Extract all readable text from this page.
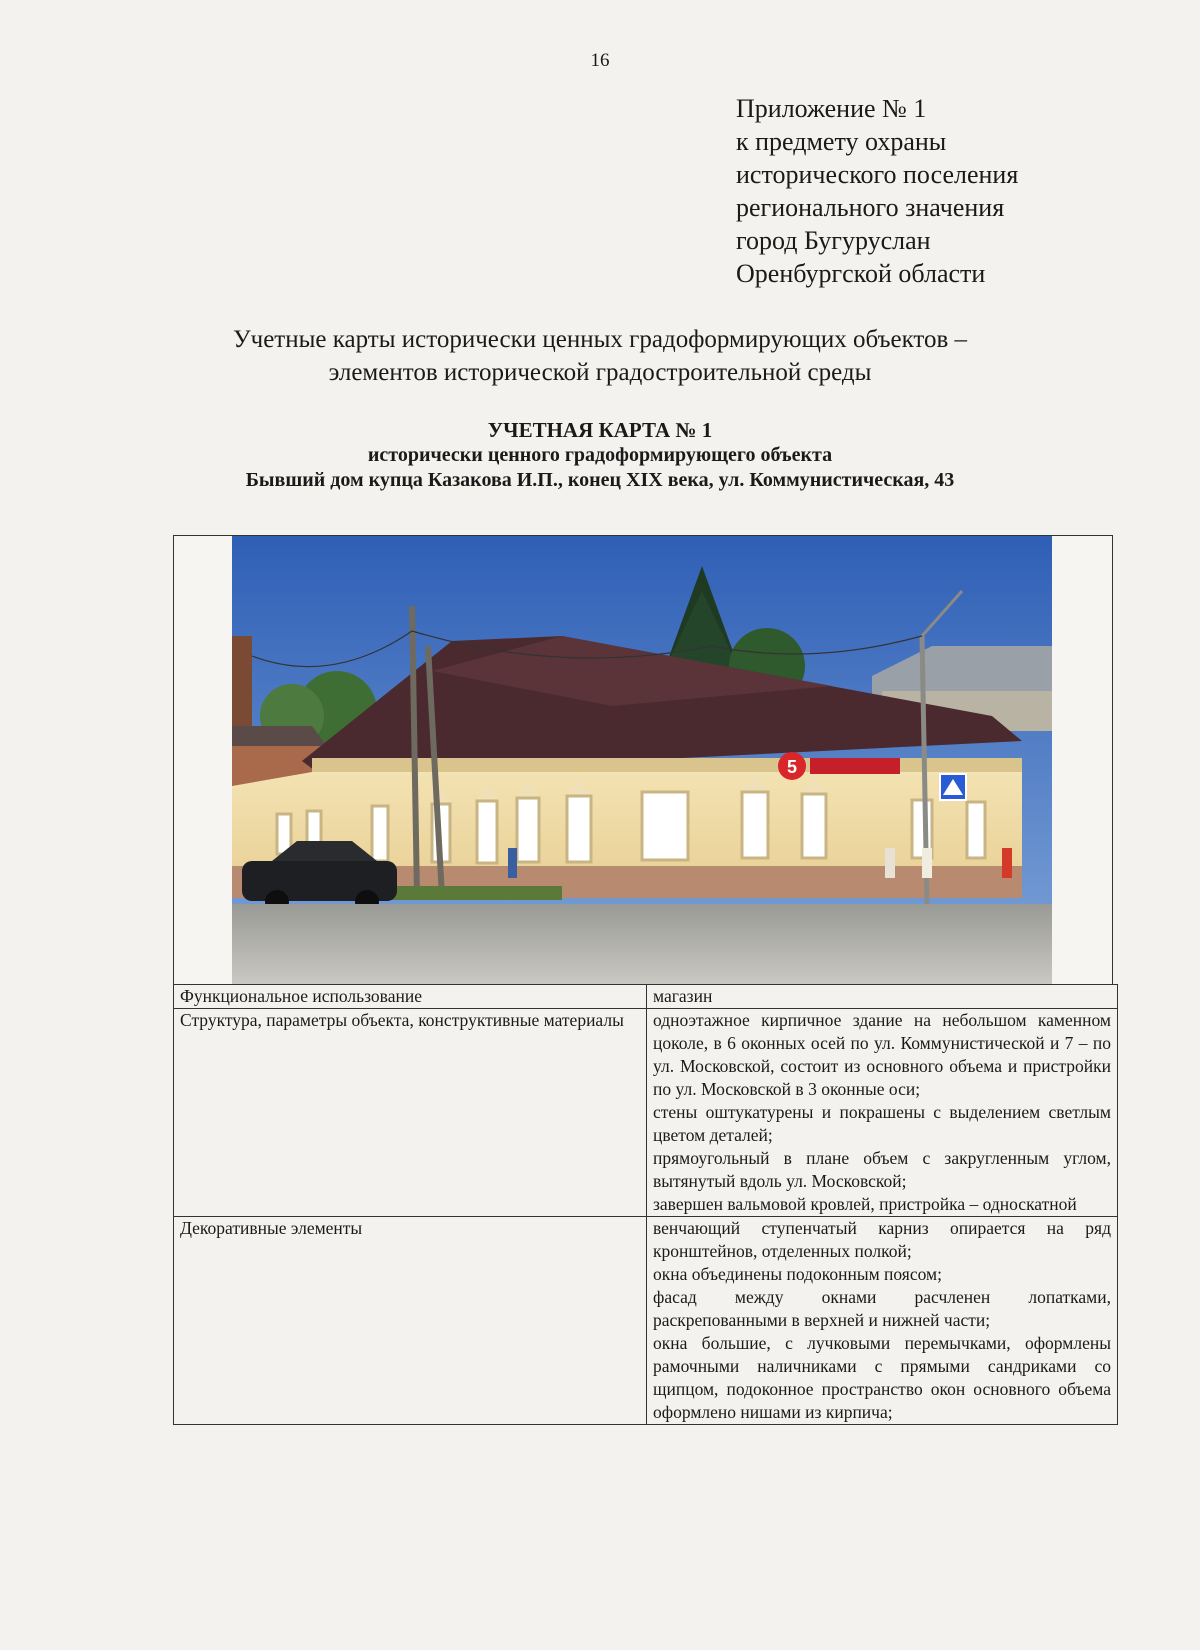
16
Приложение № 1
к предмету охраны
исторического поселения
регионального значения
город Бугуруслан
Оренбургской области
Учетные карты исторически ценных градоформирующих объектов –
элементов исторической градостроительной среды
УЧЕТНАЯ КАРТА № 1
исторически ценного градоформирующего объекта
Бывший дом купца Казакова И.П., конец XIX века, ул. Коммунистическая, 43
5
Функциональное использование	магазин

Структура, параметры объекта, конструктивные материалы	одноэтажное кирпичное здание на небольшом каменном цоколе, в 6 оконных осей по ул. Коммунистической и 7 – по ул. Московской, состоит из основного объема и пристройки по ул. Московской в 3 оконные оси;
стены оштукатурены и покрашены с выделением светлым цветом деталей;
прямоугольный в плане объем с закругленным углом, вытянутый вдоль ул. Московской;
завершен вальмовой кровлей, пристройка – односкатной

Декоративные элементы	венчающий ступенчатый карниз опирается на ряд кронштейнов, отделенных полкой;
окна объединены подоконным поясом;
фасад между окнами расчленен лопатками, раскрепованными в верхней и нижней части;
окна большие, с лучковыми перемычками, оформлены рамочными наличниками с прямыми сандриками со щипцом, подоконное пространство окон основного объема оформлено нишами из кирпича;
